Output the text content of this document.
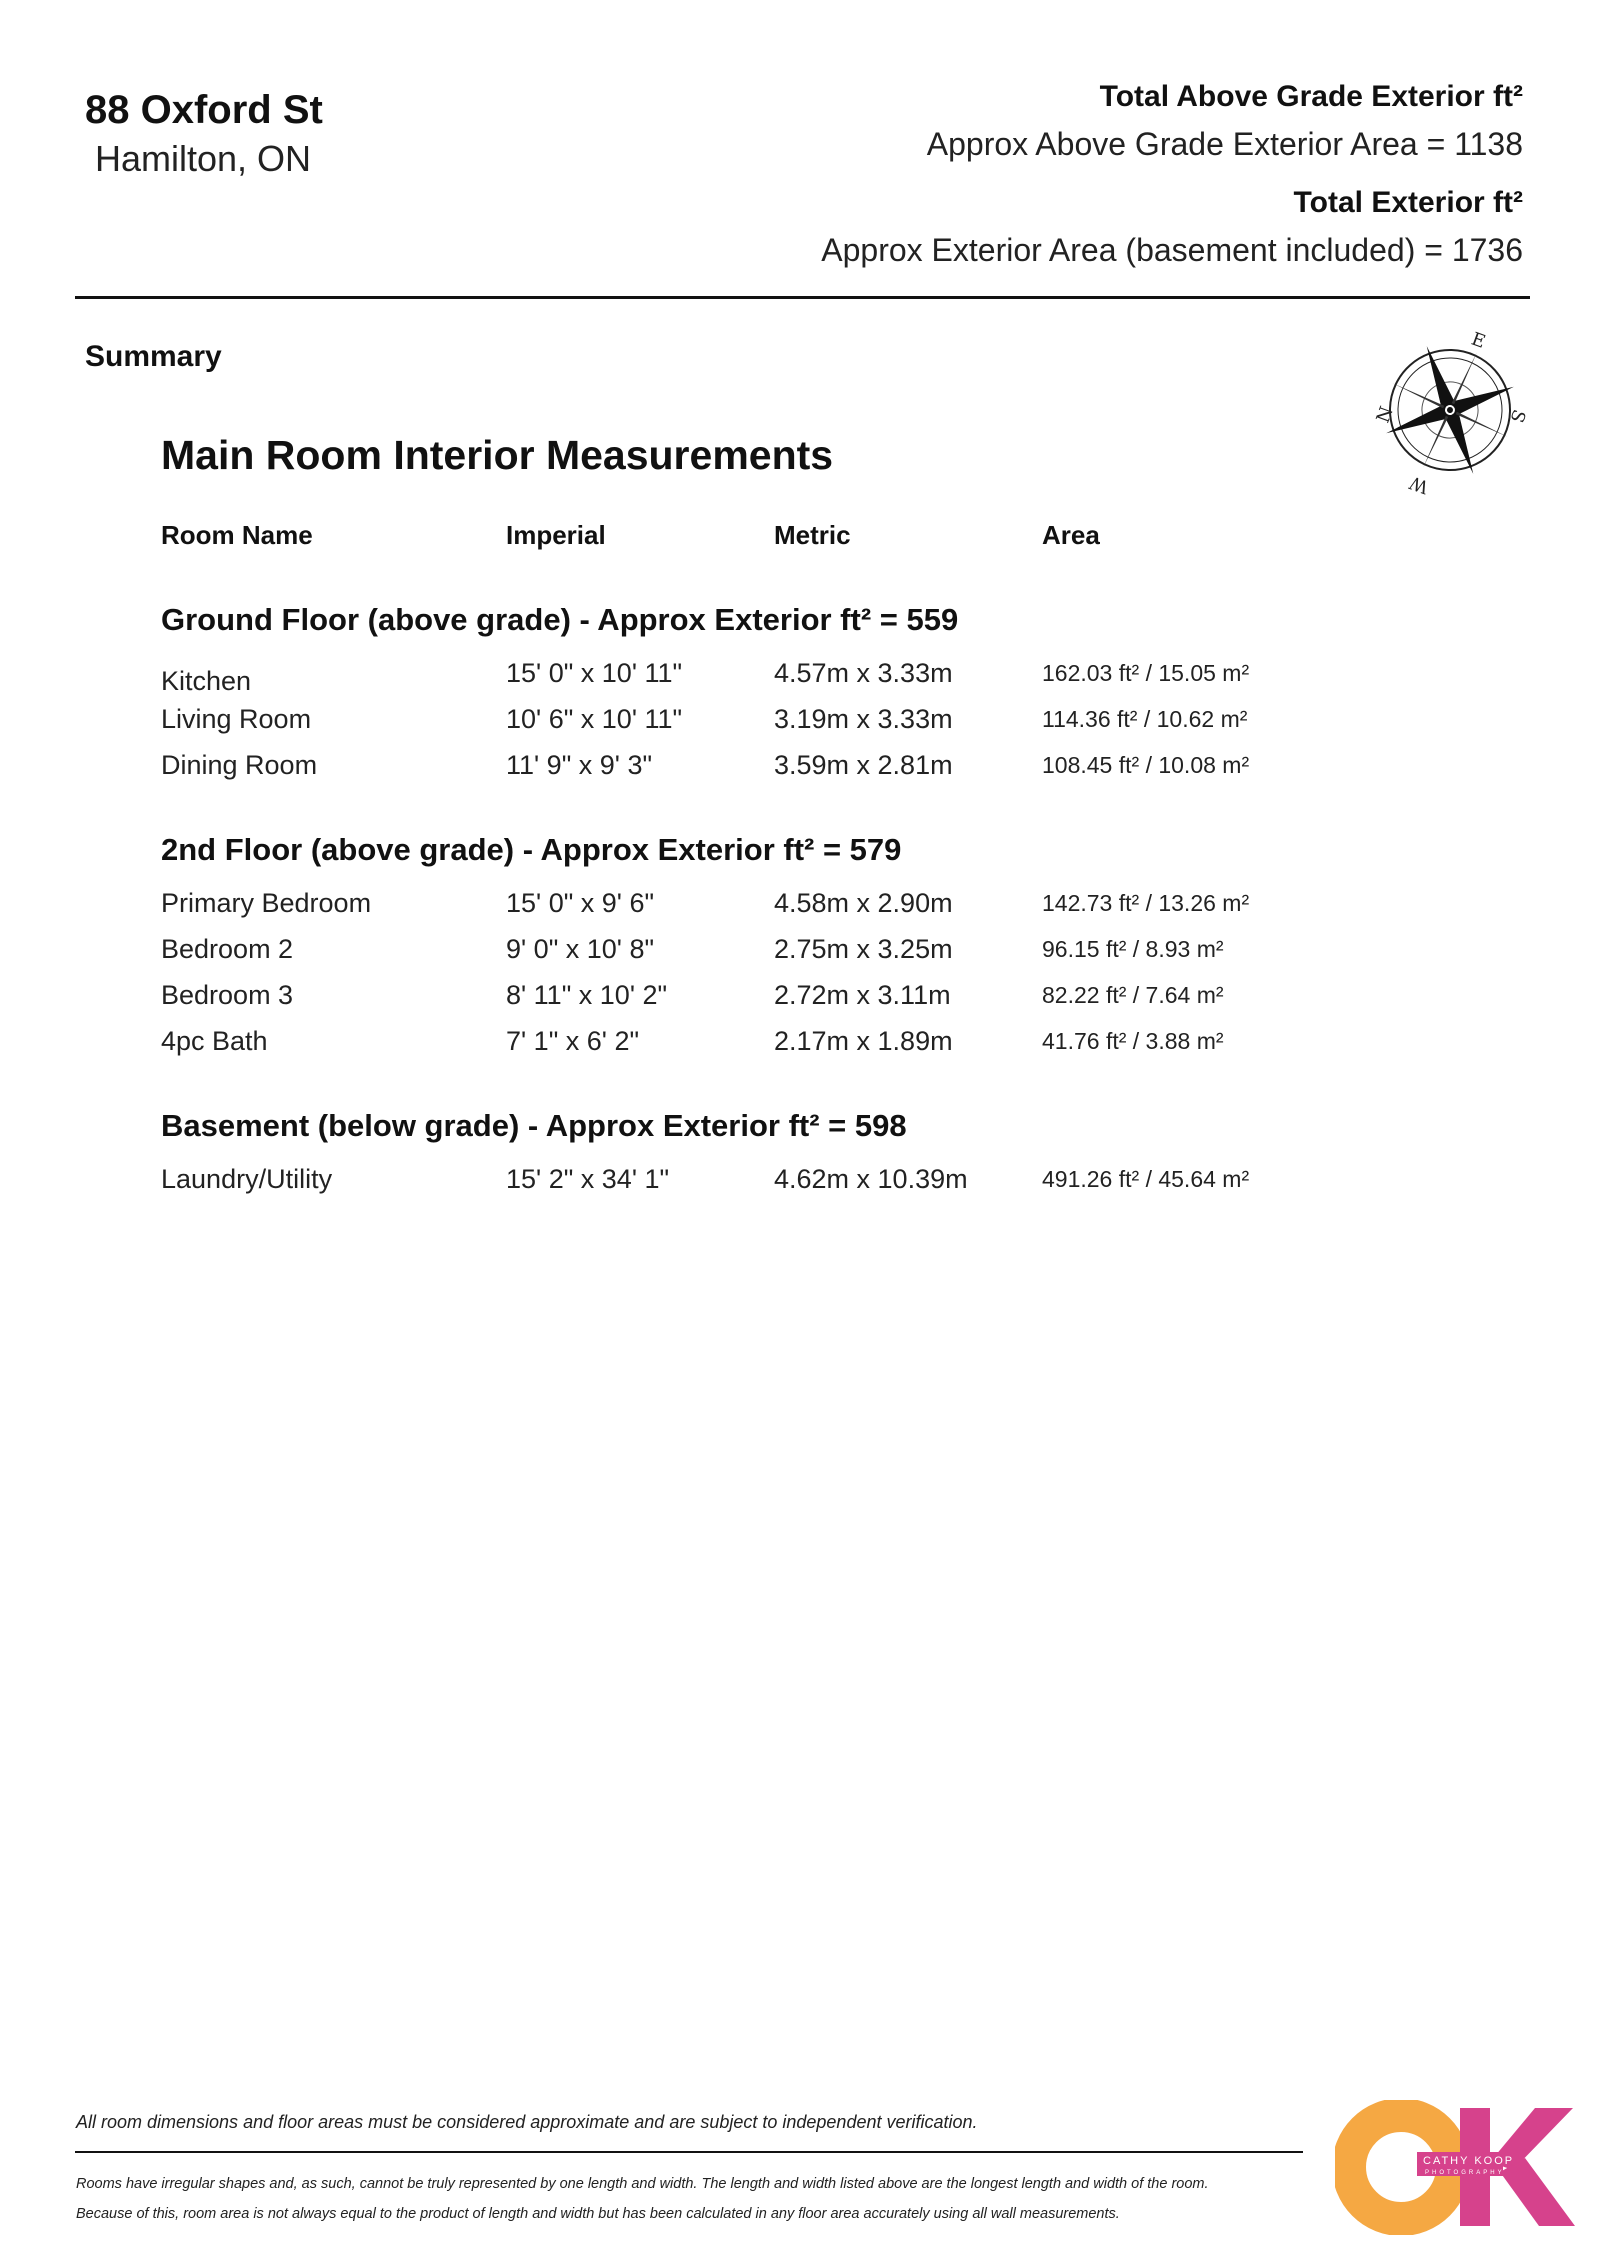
88 Oxford St
Hamilton, ON
Total Above Grade Exterior ft²
Approx Above Grade Exterior Area = 1138
Total Exterior ft²
Approx Exterior Area (basement included) = 1736
Summary
N
E
S
W
Main Room Interior Measurements
Room Name	Imperial	Metric	Area
Ground Floor (above grade) - Approx Exterior ft² = 559
Kitchen	15' 0" x 10' 11"	4.57m x 3.33m	162.03 ft² / 15.05 m²
Living Room	10' 6" x 10' 11"	3.19m x 3.33m	114.36 ft² / 10.62 m²
Dining Room	11' 9" x 9' 3"	3.59m x 2.81m	108.45 ft² / 10.08 m²
2nd Floor (above grade) - Approx Exterior ft² = 579
Primary Bedroom	15' 0" x 9' 6"	4.58m x 2.90m	142.73 ft² / 13.26 m²
Bedroom 2	9' 0" x 10' 8"	2.75m x 3.25m	96.15 ft² / 8.93 m²
Bedroom 3	8' 11" x 10' 2"	2.72m x 3.11m	82.22 ft² / 7.64 m²
4pc Bath	7' 1" x 6' 2"	2.17m x 1.89m	41.76 ft² / 3.88 m²
Basement (below grade) - Approx Exterior ft² = 598
Laundry/Utility	15' 2" x 34' 1"	4.62m x 10.39m	491.26 ft² / 45.64 m²
All room dimensions and floor areas must be considered approximate and are subject to independent verification.
Rooms have irregular shapes and, as such, cannot be truly represented by one length and width. The length and width listed above are the longest length and width of the room.
Because of this, room area is not always equal to the product of length and width but has been calculated in any floor area accurately using all wall measurements.
CATHY KOOP
PHOTOGRAPHY
